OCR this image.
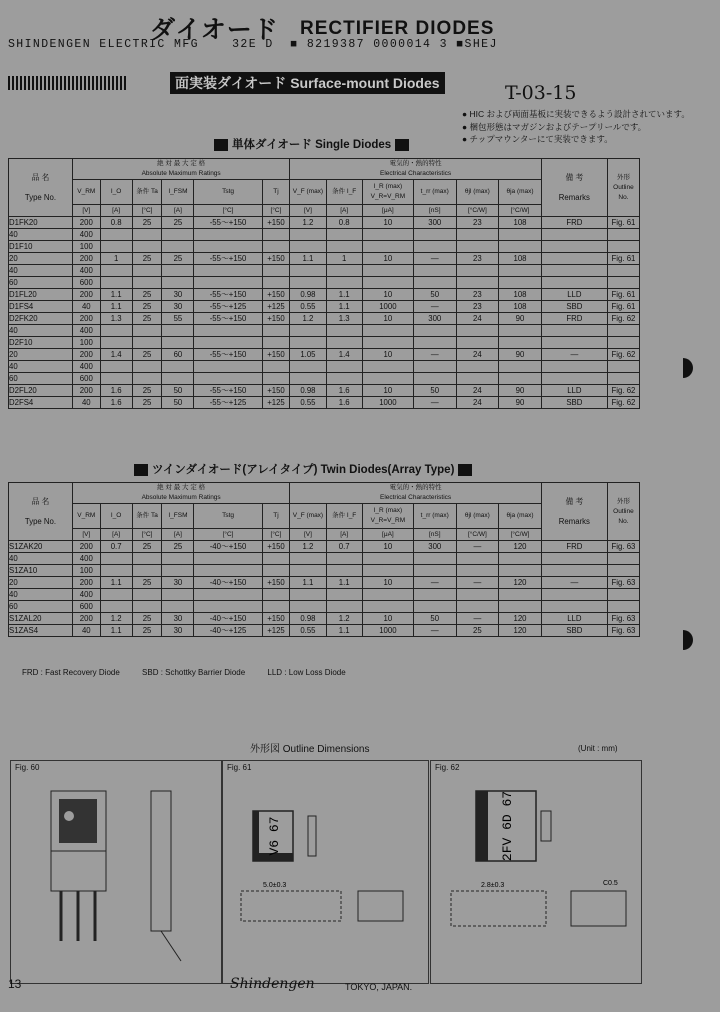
ダイオード RECTIFIER DIODES
SHINDENGEN ELECTRIC MFG    32E D  ■ 8219387 0000014 3 ■SHEJ
面実装ダイオード Surface-mount Diodes	T-03-15
● HIC および両面基板に実装できるよう設計されています。
● 梱包形態はマガジンおよびテープリールです。
● チップマウンターにて実装できます。
単体ダイオード Single Diodes
品 名

Type No.	絶 対 最 大 定 格
Absolute Maximum Ratings						電気的・熱的特性
Electrical Characteristics						備 考

Remarks	外形
Outline No.
	V_RM	I_O	条件 Ta	I_FSM	Tstg	Tj	V_F (max)	条件 I_F	I_R (max) V_R=V_RM	t_rr (max)	θjl (max)	θja (max)		
	[V]	[A]	[°C]	[A]	[°C]	[°C]	[V]	[A]	[μA]	[nS]	[°C/W]	[°C/W]		
D1FK20	200	0.8	25	25	-55〜+150	+150	1.2	0.8	10	300	23	108	FRD	Fig. 61
40	400													
D1F10	100													
20	200	1	25	25	-55〜+150	+150	1.1	1	10	—	23	108		Fig. 61
40	400													
60	600													
D1FL20	200	1.1	25	30	-55〜+150	+150	0.98	1.1	10	50	23	108	LLD	Fig. 61
D1FS4	40	1.1	25	30	-55〜+125	+125	0.55	1.1	1000	—	23	108	SBD	Fig. 61
D2FK20	200	1.3	25	55	-55〜+150	+150	1.2	1.3	10	300	24	90	FRD	Fig. 62
40	400													
D2F10	100													
20	200	1.4	25	60	-55〜+150	+150	1.05	1.4	10	—	24	90	—	Fig. 62
40	400													
60	600													
D2FL20	200	1.6	25	50	-55〜+150	+150	0.98	1.6	10	50	24	90	LLD	Fig. 62
D2FS4	40	1.6	25	50	-55〜+125	+125	0.55	1.6	1000	—	24	90	SBD	Fig. 62
ツインダイオード(アレイタイプ) Twin Diodes(Array Type)
品 名

Type No.	絶 対 最 大 定 格
Absolute Maximum Ratings						電気的・熱的特性
Electrical Characteristics						備 考

Remarks	外形
Outline No.
	V_RM	I_O	条件 Ta	I_FSM	Tstg	Tj	V_F (max)	条件 I_F	I_R (max) V_R=V_RM	t_rr (max)	θjl (max)	θja (max)		
	[V]	[A]	[°C]	[A]	[°C]	[°C]	[V]	[A]	[μA]	[nS]	[°C/W]	[°C/W]		
S1ZAK20	200	0.7	25	25	-40〜+150	+150	1.2	0.7	10	300	—	120	FRD	Fig. 63
40	400													
S1ZA10	100													
20	200	1.1	25	30	-40〜+150	+150	1.1	1.1	10	—	—	120	—	Fig. 63
40	400													
60	600													
S1ZAL20	200	1.2	25	30	-40〜+150	+150	0.98	1.2	10	50	—	120	LLD	Fig. 63
S1ZAS4	40	1.1	25	30	-40〜+125	+125	0.55	1.1	1000	—	25	120	SBD	Fig. 63
FRD : Fast Recovery Diode          SBD : Schottky Barrier Diode          LLD : Low Loss Diode
外形図 Outline Dimensions	(Unit : mm)
Fig. 60	Fig. 61
V6 67
5.0±0.3
Fig. 62
2FV 6D 67
2.8±0.3	C0.5
13	Shindengen	TOKYO, JAPAN.
